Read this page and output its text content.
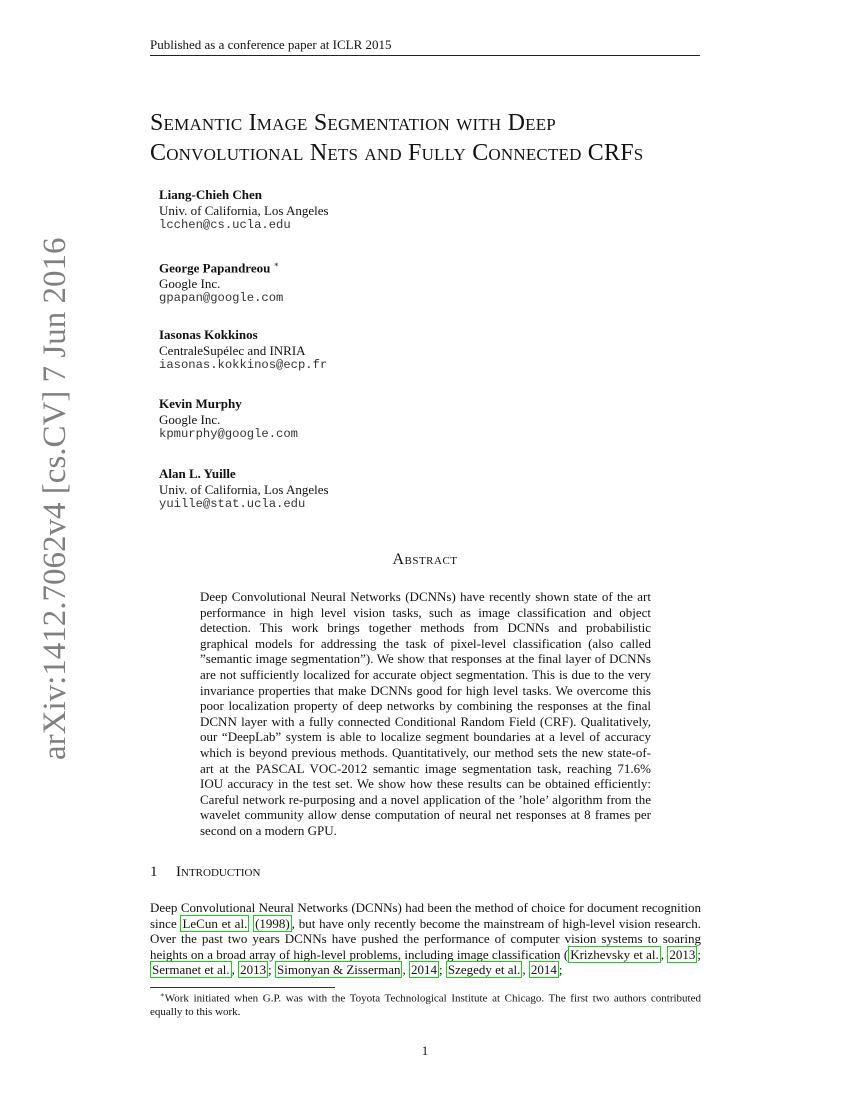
Published as a conference paper at ICLR 2015
arXiv:1412.7062v4 [cs.CV] 7 Jun 2016
Semantic Image Segmentation with Deep Convolutional Nets and Fully Connected CRFs
Liang-Chieh Chen
Univ. of California, Los Angeles
lcchen@cs.ucla.edu
George Papandreou ∗
Google Inc.
gpapan@google.com
Iasonas Kokkinos
CentraleSupélec and INRIA
iasonas.kokkinos@ecp.fr
Kevin Murphy
Google Inc.
kpmurphy@google.com
Alan L. Yuille
Univ. of California, Los Angeles
yuille@stat.ucla.edu
Abstract
Deep Convolutional Neural Networks (DCNNs) have recently shown state of the art performance in high level vision tasks, such as image classification and object detection. This work brings together methods from DCNNs and probabilistic graphical models for addressing the task of pixel-level classification (also called ”semantic image segmentation”). We show that responses at the final layer of DCNNs are not sufficiently localized for accurate object segmentation. This is due to the very invariance properties that make DCNNs good for high level tasks. We overcome this poor localization property of deep networks by combining the responses at the final DCNN layer with a fully connected Conditional Random Field (CRF). Qualitatively, our “DeepLab” system is able to localize segment boundaries at a level of accuracy which is beyond previous methods. Quantitatively, our method sets the new state-of-art at the PASCAL VOC-2012 semantic image segmentation task, reaching 71.6% IOU accuracy in the test set. We show how these results can be obtained efficiently: Careful network re-purposing and a novel application of the ’hole’ algorithm from the wavelet community allow dense computation of neural net responses at 8 frames per second on a modern GPU.
1 Introduction
Deep Convolutional Neural Networks (DCNNs) had been the method of choice for document recognition since LeCun et al. (1998) , but have only recently become the mainstream of high-level vision research. Over the past two years DCNNs have pushed the performance of computer vision systems to soaring heights on a broad array of high-level problems, including image classification ( Krizhevsky et al. , 2013 ; Sermanet et al. , 2013 ; Simonyan & Zisserman , 2014 ; Szegedy et al. , 2014 ;
∗Work initiated when G.P. was with the Toyota Technological Institute at Chicago. The first two authors contributed equally to this work.
1
